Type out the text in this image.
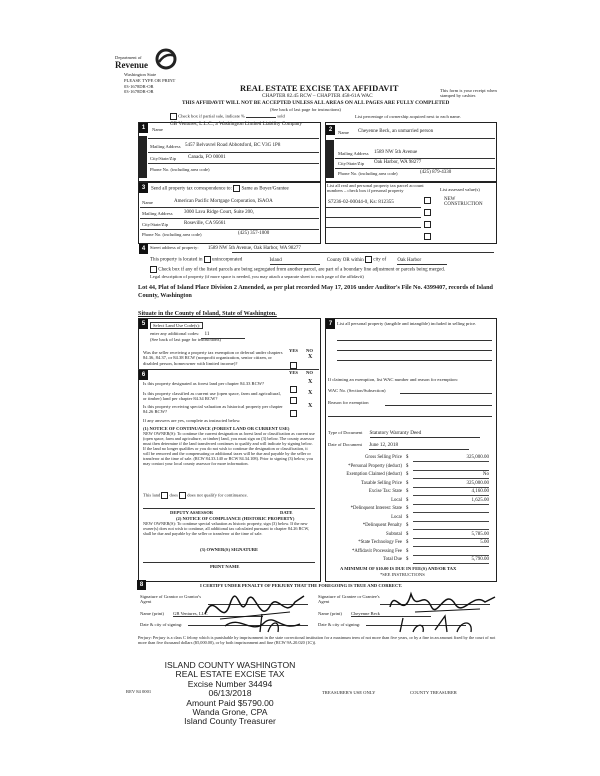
Department of
Revenue
Washington State
PLEASE TYPE OR PRINT
03-1678DR-OR
03-1678DR-OR	REAL ESTATE EXCISE TAX AFFIDAVIT
CHAPTER 82.45 RCW – CHAPTER 458-61A WAC
This form is your receipt when stamped by cashier.
THIS AFFIDAVIT WILL NOT BE ACCEPTED UNLESS ALL AREAS ON ALL PAGES ARE FULLY COMPLETED
(See back of last page for instructions)
Check box if partial sale, indicate %	sold	List percentage of ownership acquired next to each name.
1
SELLER GRANTOR
Name
GB Ventures, L.L.C., a Washington Limited Liability Company
Mailing Address 5457 Belvavrel Road Abbotsford, BC V3G 1P8
City/State/Zip Canada, FO 00001
Phone No. (including area code)
2
BUYER GRANTEE
Name Cheyenne Beck, an unmarried person
Mailing Address 1589 NW 5th Avenue
City/State/Zip Oak Harbor, WA 98277
Phone No. (including area code)	(425) 879-4330
3	Send all property tax correspondence to: Same as Buyer/Grantee
Name	American Pacific Mortgage Corporation, ISAOA
Mailing Address 3000 Lava Ridge Court, Suite 200,
City/State/Zip	Roseville, CA 95661
Phone No. (including area code)	(425) 357-1000
List all real and personal property tax parcel account numbers – check box if personal property	List assessed value(s)
S7236-02-00044-0, Ks: 812355	NEW CONSTRUCTION
4	Street address of property: 1589 NW 5th Avenue, Oak Harbor, WA 98277
This property is located in unincorporated	Island	County OR within city of Oak Harbor
Check box if any of the listed parcels are being segregated from another parcel, are part of a boundary line adjustment or parcels being merged.
Legal description of property (if more space is needed, you may attach a separate sheet to each page of the affidavit)
Lot 44, Plat of Island Place Division 2 Amended, as per plat recorded May 17, 2016 under Auditor's File No. 4399407, records of Island County, Washington
Situate in the County of Island, State of Washington.
5	Select Land Use Code(s):
enter any additional codes: 11
(See back of last page for instructions)
YES NO
Was the seller receiving a property tax exemption or deferral under chapters 84.36, 84.37, or 84.38 RCW (nonprofit organization, senior citizen, or disabled person, homeowner with limited income)?
X
6	YES NO
Is this property designated as forest land per chapter 84.33 RCW?	X
Is this property classified as current use (open space, farm and agricultural, or timber) land per chapter 84.34 RCW?
X
Is this property receiving special valuation as historical property per chapter 84.26 RCW?
X
If any answers are yes, complete as instructed below.
(1) NOTICE OF CONTINUANCE (FOREST LAND OR CURRENT USE)
NEW OWNER(S): To continue the current designation as forest land or classification as current use (open space, farm and agriculture, or timber) land, you must sign on (3) below. The county assessor must then determine if the land transferred continues to qualify and will indicate by signing below. If the land no longer qualifies or you do not wish to continue the designation or classification, it will be removed and the compensating or additional taxes will be due and payable by the seller or transferor at the time of sale. (RCW 84.33.140 or RCW 84.34.108). Prior to signing (3) below, you may contact your local county assessor for more information.
This land does does not qualify for continuance.
DEPUTY ASSESSOR	DATE
(2) NOTICE OF COMPLIANCE (HISTORIC PROPERTY)
NEW OWNER(S): To continue special valuation as historic property, sign (3) below. If the new owner(s) does not wish to continue, all additional tax calculated pursuant to chapter 84.26 RCW, shall be due and payable by the seller or transferor at the time of sale.
(3) OWNER(S) SIGNATURE
PRINT NAME
7	List all personal property (tangible and intangible) included in selling price.
If claiming an exemption, list WAC number and reason for exemption:
WAC No. (Section/Subsection)
Reason for exemption
Type of Document Statutory Warranty Deed
Date of Document June 12, 2018
Gross Selling Price $	325,000.00
*Personal Property (deduct) $
Exemption Claimed (deduct) $	No
Taxable Selling Price $	325,000.00
Excise Tax: State $	4,160.00
Local $	1,625.00
*Delinquent Interest: State $
Local $
*Delinquent Penalty $
Subtotal $	5,785.00
*State Technology Fee $	5.00
*Affidavit Processing Fee $
Total Due $	5,790.00
A MINIMUM OF $10.00 IS DUE IN FEE(S) AND/OR TAX
*SEE INSTRUCTIONS
8	I CERTIFY UNDER PENALTY OF PERJURY THAT THE FOREGOING IS TRUE AND CORRECT.
Signature of Grantor or Grantor's Agent
Name (print) GB Ventures, LLC
Date & city of signing:
Signature of Grantee or Grantee's Agent
Name (print) Cheyenne Beck
Date & city of signing:
Perjury: Perjury is a class C felony which is punishable by imprisonment in the state correctional institution for a maximum term of not more than five years, or by a fine in an amount fixed by the court of not more than five thousand dollars ($5,000.00), or by both imprisonment and fine (RCW 9A.20.020 (1C)).
REV 84 0001	TREASURER'S USE ONLY	COUNTY TREASURER
ISLAND COUNTY WASHINGTON
REAL ESTATE EXCISE TAX
Excise Number 34494
06/13/2018
Amount Paid $5790.00
Wanda Grone, CPA
Island County Treasurer
